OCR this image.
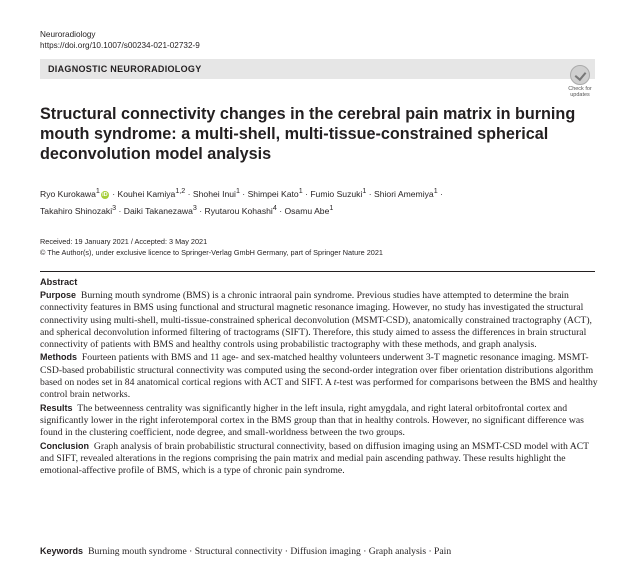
Neuroradiology
https://doi.org/10.1007/s00234-021-02732-9
DIAGNOSTIC NEURORADIOLOGY
Check for
updates
Structural connectivity changes in the cerebral pain matrix in burning mouth syndrome: a multi-shell, multi-tissue-constrained spherical deconvolution model analysis
Ryo Kurokawa$^1$ iD · Kouhei Kamiya$^{1,2}$ · Shohei Inui$^1$ · Shimpei Kato$^1$ · Fumio Suzuki$^1$ · Shiori Amemiya$^1$ ·
Takahiro Shinozaki$^3$ · Daiki Takanezawa$^3$ · Ryutarou Kohashi$^4$ · Osamu Abe$^1$
Received: 19 January 2021 / Accepted: 3 May 2021
© The Author(s), under exclusive licence to Springer-Verlag GmbH Germany, part of Springer Nature 2021
Abstract

Purpose Burning mouth syndrome (BMS) is a chronic intraoral pain syndrome. Previous studies have attempted to determine the brain connectivity features in BMS using functional and structural magnetic resonance imaging. However, no study has investigated the structural connectivity using multi-shell, multi-tissue-constrained spherical deconvolution (MSMT-CSD), anatomically constrained tractography (ACT), and spherical deconvolution informed filtering of tractograms (SIFT). Therefore, this study aimed to assess the differences in brain structural connectivity of patients with BMS and healthy controls using probabilistic tractography with these methods, and graph analysis.

Methods Fourteen patients with BMS and 11 age- and sex-matched healthy volunteers underwent 3-T magnetic resonance imaging. MSMT-CSD-based probabilistic structural connectivity was computed using the second-order integration over fiber orientation distributions algorithm based on nodes set in 84 anatomical cortical regions with ACT and SIFT. A t-test was performed for comparisons between the BMS and healthy control brain networks.

Results The betweenness centrality was significantly higher in the left insula, right amygdala, and right lateral orbitofrontal cortex and significantly lower in the right inferotemporal cortex in the BMS group than that in healthy controls. However, no significant difference was found in the clustering coefficient, node degree, and small-worldness between the two groups.

Conclusion Graph analysis of brain probabilistic structural connectivity, based on diffusion imaging using an MSMT-CSD model with ACT and SIFT, revealed alterations in the regions comprising the pain matrix and medial pain ascending pathway. These results highlight the emotional-affective profile of BMS, which is a type of chronic pain syndrome.

Keywords Burning mouth syndrome · Structural connectivity · Diffusion imaging · Graph analysis · Pain
